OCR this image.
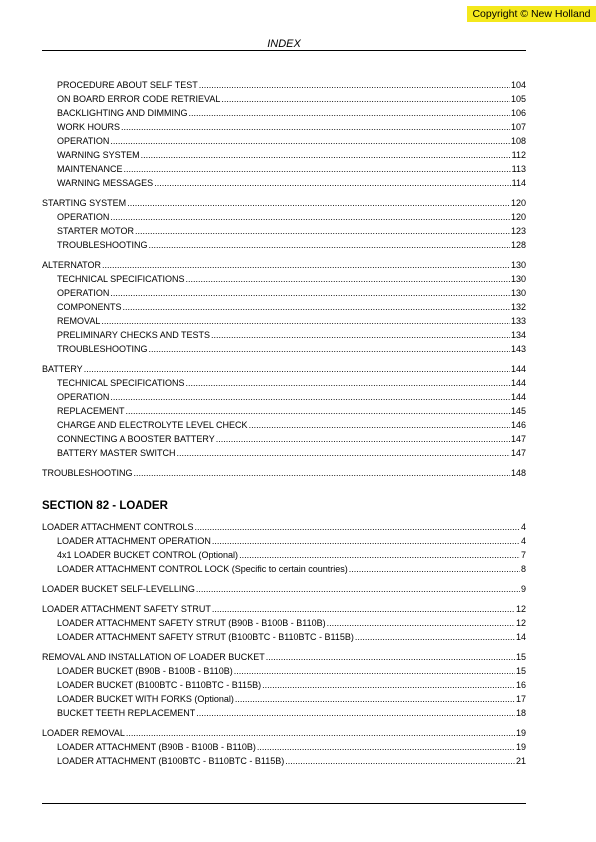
Copyright © New Holland
INDEX
PROCEDURE ABOUT SELF TEST .....	104
ON BOARD ERROR CODE RETRIEVAL .....	105
BACKLIGHTING AND DIMMING .....	106
WORK HOURS .....	107
OPERATION .....	108
WARNING SYSTEM .....	112
MAINTENANCE .....	113
WARNING MESSAGES .....	114
STARTING SYSTEM .....	120
OPERATION .....	120
STARTER MOTOR .....	123
TROUBLESHOOTING .....	128
ALTERNATOR .....	130
TECHNICAL SPECIFICATIONS .....	130
OPERATION .....	130
COMPONENTS .....	132
REMOVAL .....	133
PRELIMINARY CHECKS AND TESTS .....	134
TROUBLESHOOTING .....	143
BATTERY .....	144
TECHNICAL SPECIFICATIONS .....	144
OPERATION .....	144
REPLACEMENT .....	145
CHARGE AND ELECTROLYTE LEVEL CHECK .....	146
CONNECTING A BOOSTER BATTERY .....	147
BATTERY MASTER SWITCH .....	147
TROUBLESHOOTING .....	148
SECTION 82 - LOADER
LOADER ATTACHMENT CONTROLS .....	4
LOADER ATTACHMENT OPERATION .....	4
4x1 LOADER BUCKET CONTROL (Optional) .....	7
LOADER ATTACHMENT CONTROL LOCK (Specific to certain countries) .....	8
LOADER BUCKET SELF-LEVELLING .....	9
LOADER ATTACHMENT SAFETY STRUT .....	12
LOADER ATTACHMENT SAFETY STRUT (B90B - B100B - B110B) .....	12
LOADER ATTACHMENT SAFETY STRUT (B100BTC - B110BTC - B115B) .....	14
REMOVAL AND INSTALLATION OF LOADER BUCKET .....	15
LOADER BUCKET (B90B - B100B - B110B) .....	15
LOADER BUCKET (B100BTC - B110BTC - B115B) .....	16
LOADER BUCKET WITH FORKS (Optional) .....	17
BUCKET TEETH REPLACEMENT .....	18
LOADER REMOVAL .....	19
LOADER ATTACHMENT (B90B - B100B - B110B) .....	19
LOADER ATTACHMENT (B100BTC - B110BTC - B115B) .....	21
